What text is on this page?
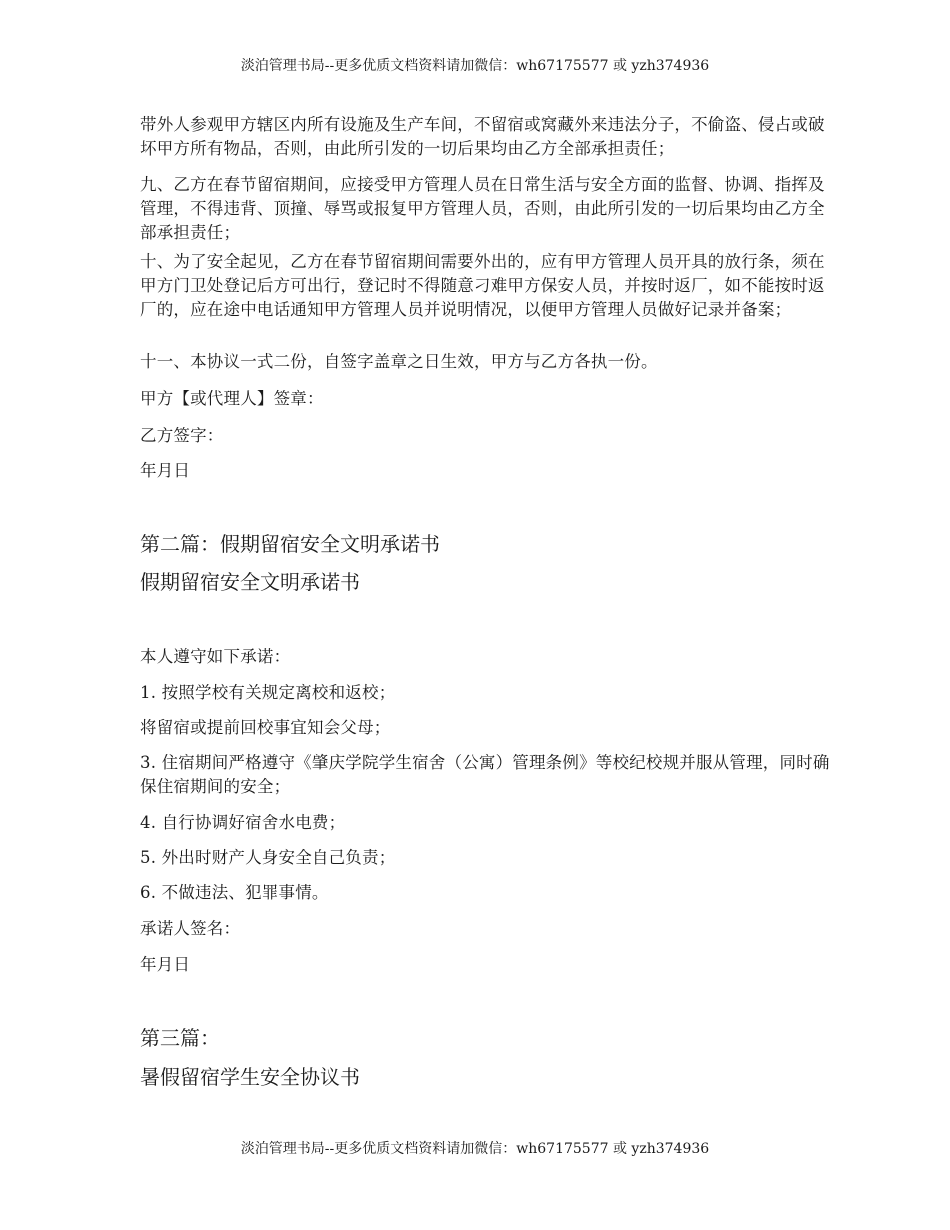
淡泊管理书局--更多优质文档资料请加微信：wh67175577 或 yzh374936

带外人参观甲方辖区内所有设施及生产车间，不留宿或窝藏外来违法分子，不偷盗、侵占或破坏甲方所有物品，否则，由此所引发的一切后果均由乙方全部承担责任；

九、乙方在春节留宿期间，应接受甲方管理人员在日常生活与安全方面的监督、协调、指挥及管理，不得违背、顶撞、辱骂或报复甲方管理人员，否则，由此所引发的一切后果均由乙方全部承担责任；

十、为了安全起见，乙方在春节留宿期间需要外出的，应有甲方管理人员开具的放行条，须在甲方门卫处登记后方可出行，登记时不得随意刁难甲方保安人员，并按时返厂，如不能按时返厂的，应在途中电话通知甲方管理人员并说明情况，以便甲方管理人员做好记录并备案；

十一、本协议一式二份，自签字盖章之日生效，甲方与乙方各执一份。

甲方【或代理人】签章：

乙方签字：

年月日

第二篇：假期留宿安全文明承诺书
假期留宿安全文明承诺书

本人遵守如下承诺：

1. 按照学校有关规定离校和返校；

将留宿或提前回校事宜知会父母；

3. 住宿期间严格遵守《肇庆学院学生宿舍（公寓）管理条例》等校纪校规并服从管理，同时确保住宿期间的安全；

4. 自行协调好宿舍水电费；

5. 外出时财产人身安全自己负责；

6. 不做违法、犯罪事情。

承诺人签名：

年月日

第三篇：
暑假留宿学生安全协议书
淡泊管理书局--更多优质文档资料请加微信：wh67175577 或 yzh374936
